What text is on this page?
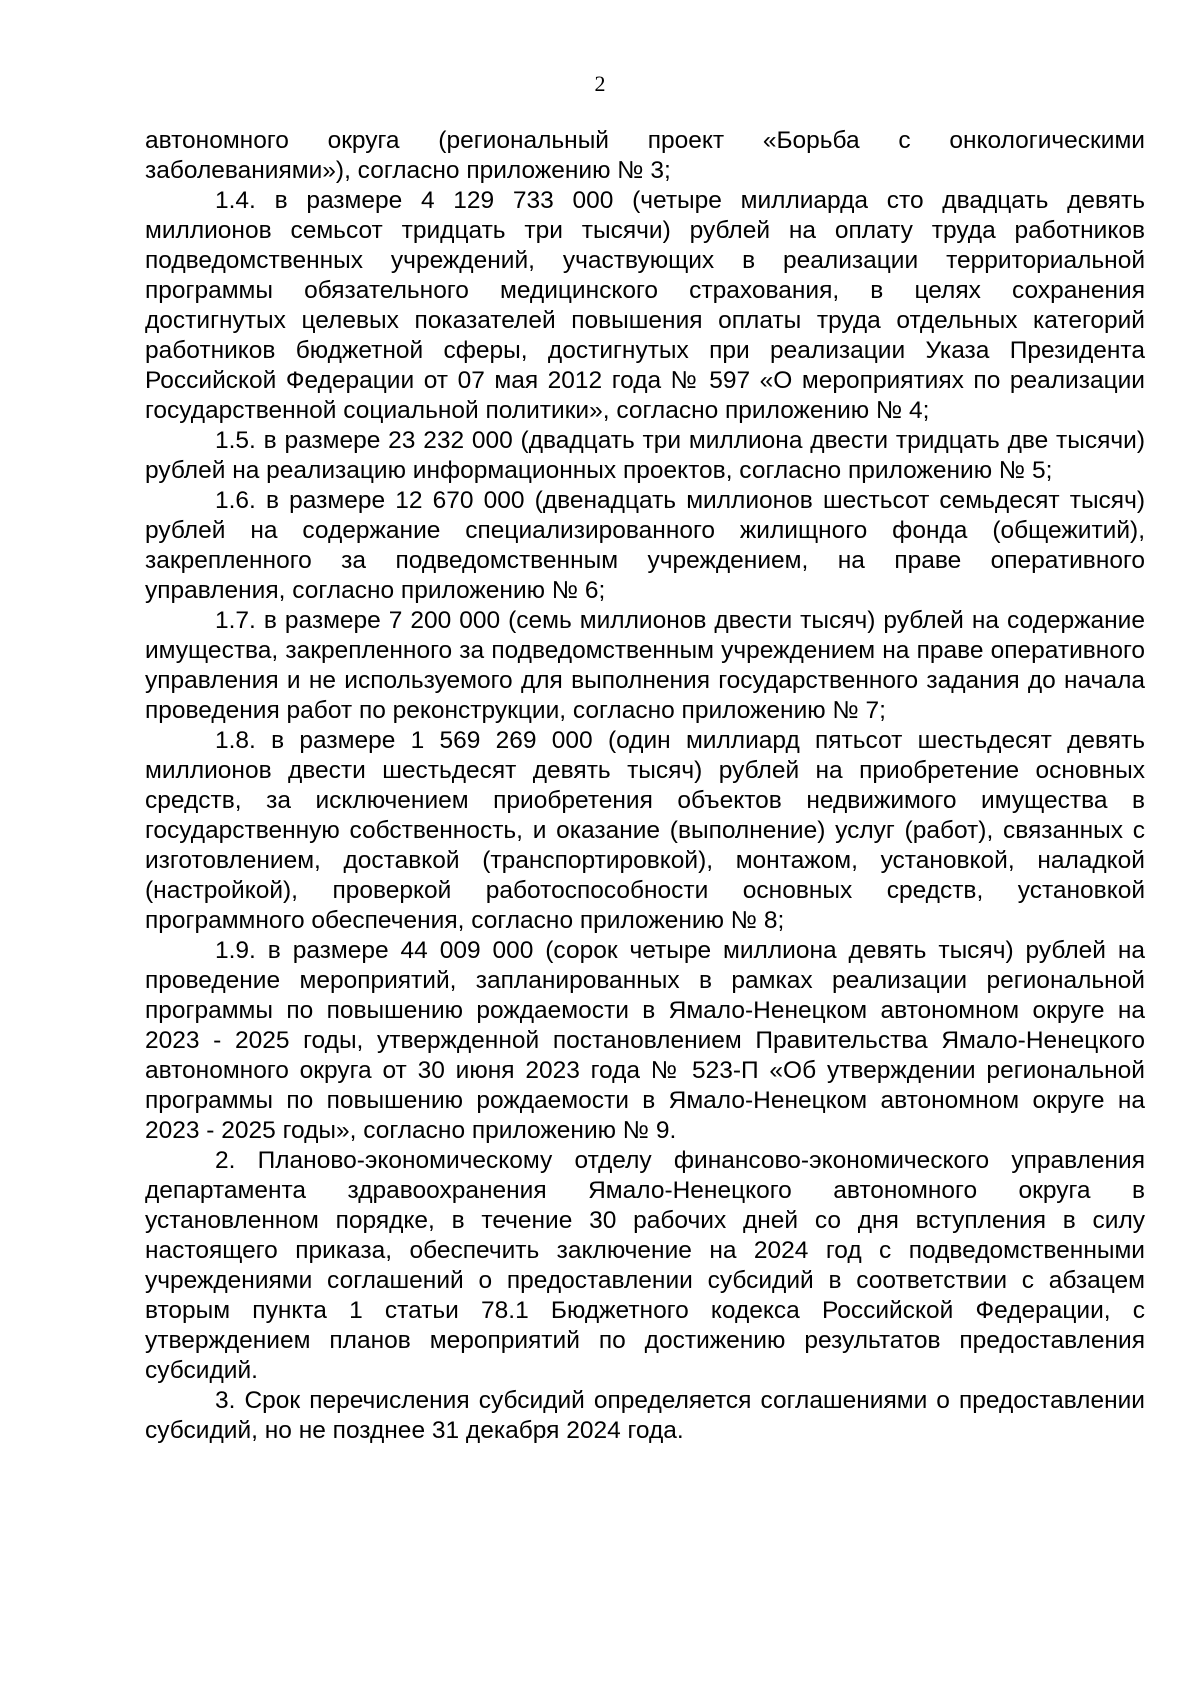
2

автономного округа (региональный проект «Борьба с онкологическими заболеваниями»), согласно приложению № 3;

1.4. в размере 4 129 733 000 (четыре миллиарда сто двадцать девять миллионов семьсот тридцать три тысячи) рублей на оплату труда работников подведомственных учреждений, участвующих в реализации территориальной программы обязательного медицинского страхования, в целях сохранения достигнутых целевых показателей повышения оплаты труда отдельных категорий работников бюджетной сферы, достигнутых при реализации Указа Президента Российской Федерации от 07 мая 2012 года № 597 «О мероприятиях по реализации государственной социальной политики», согласно приложению № 4;

1.5. в размере 23 232 000 (двадцать три миллиона двести тридцать две тысячи) рублей на реализацию информационных проектов, согласно приложению № 5;

1.6. в размере 12 670 000 (двенадцать миллионов шестьсот семьдесят тысяч) рублей на содержание специализированного жилищного фонда (общежитий), закрепленного за подведомственным учреждением, на праве оперативного управления, согласно приложению № 6;

1.7. в размере 7 200 000 (семь миллионов двести тысяч) рублей на содержание имущества, закрепленного за подведомственным учреждением на праве оперативного управления и не используемого для выполнения государственного задания до начала проведения работ по реконструкции, согласно приложению № 7;

1.8. в размере 1 569 269 000 (один миллиард пятьсот шестьдесят девять миллионов двести шестьдесят девять тысяч) рублей на приобретение основных средств, за исключением приобретения объектов недвижимого имущества в государственную собственность, и оказание (выполнение) услуг (работ), связанных с изготовлением, доставкой (транспортировкой), монтажом, установкой, наладкой (настройкой), проверкой работоспособности основных средств, установкой программного обеспечения, согласно приложению № 8;

1.9. в размере 44 009 000 (сорок четыре миллиона девять тысяч) рублей на проведение мероприятий, запланированных в рамках реализации региональной программы по повышению рождаемости в Ямало-Ненецком автономном округе на 2023 - 2025 годы, утвержденной постановлением Правительства Ямало-Ненецкого автономного округа от 30 июня 2023 года № 523-П «Об утверждении региональной программы по повышению рождаемости в Ямало-Ненецком автономном округе на 2023 - 2025 годы», согласно приложению № 9.

2. Планово-экономическому отделу финансово-экономического управления департамента здравоохранения Ямало-Ненецкого автономного округа в установленном порядке, в течение 30 рабочих дней со дня вступления в силу настоящего приказа, обеспечить заключение на 2024 год с подведомственными учреждениями соглашений о предоставлении субсидий в соответствии с абзацем вторым пункта 1 статьи 78.1 Бюджетного кодекса Российской Федерации, с утверждением планов мероприятий по достижению результатов предоставления субсидий.

3. Срок перечисления субсидий определяется соглашениями о предоставлении субсидий, но не позднее 31 декабря 2024 года.
